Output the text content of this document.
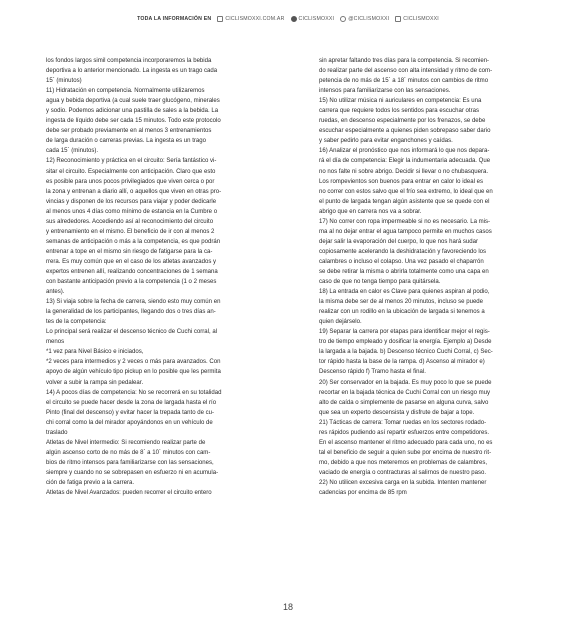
TODA LA INFORMACIÓN EN	CICLISMOXXI.COM.AR	CICLISMOXXI	@CICLISMOXXI	CICLISMOXXI

los fondos largos simil competencia incorporaremos la bebida

deportiva a lo anterior mencionado. La ingesta es un trago cada

15´ (minutos)

11) Hidratación en competencia. Normalmente utilizaremos

agua y bebida deportiva (a cual suele traer glucógeno, minerales

y sodio. Podemos adicionar una pastilla de sales a la bebida. La

ingesta de líquido debe ser cada 15 minutos. Todo este protocolo

debe ser probado previamente en al menos 3 entrenamientos

de larga duración o carreras previas. La ingesta es un trago

cada 15´ (minutos).

12) Reconocimiento y práctica en el circuito: Sería fantástico vi-

sitar el circuito. Especialmente con anticipación. Claro que esto

es posible para unos pocos privilegiados que viven cerca o por

la zona y entrenan a diario allí, o aquellos que viven en otras pro-

vincias y disponen de los recursos para viajar y poder dedicarle

al menos unos 4 días como mínimo de estancia en la Cumbre o

sus alrededores. Accediendo así al reconocimiento del circuito

y entrenamiento en el mismo. El beneficio de ir con al menos 2

semanas de anticipación o más a la competencia, es que podrán

entrenar a tope en el mismo sin riesgo de fatigarse para la ca-

rrera. Es muy común que en el caso de los atletas avanzados y

expertos entrenen allí, realizando concentraciones de 1 semana

con bastante anticipación previo a la competencia (1 o 2 meses

antes).

13) Si viaja sobre la fecha de carrera, siendo esto muy común en

la generalidad de los participantes, llegando dos o tres días an-

tes de la competencia:

Lo principal será realizar el descenso técnico de Cuchi corral, al

menos

*1 vez para Nivel Básico e iniciados,

*2 veces para intermedios y 2 veces o más para avanzados. Con

apoyo de algún vehículo tipo pickup en lo posible que les permita

volver a subir la rampa sin pedalear.

14) A pocos días de competencia: No se recorrerá en su totalidad

el circuito se puede hacer desde la zona de largada hasta el río

Pinto (final del descenso) y evitar hacer la trepada tanto de cu-

chi corral como la del mirador apoyándonos en un vehículo de

traslado

Atletas de Nivel intermedio: Si recomiendo realizar parte de

algún ascenso corto de no más de 8´ a 10´ minutos con cam-

bios de ritmo intensos para familiarizarse con las sensaciones,

siempre y cuando no se sobrepasen en esfuerzo ni en acumula-

ción de fatiga previo a la carrera.

Atletas de Nivel Avanzados: pueden recorrer el circuito entero

sin apretar faltando tres días para la competencia. Si recomien-

do realizar parte del ascenso con alta intensidad y ritmo de com-

petencia de no más de 15´ a 18´ minutos con cambios de ritmo

intensos para familiarizarse con las sensaciones.

15) No utilizar música ni auriculares en competencia: Es una

carrera que requiere todos los sentidos para escuchar otras

ruedas, en descenso especialmente por los frenazos, se debe

escuchar especialmente a quienes piden sobrepaso saber dario

y saber pedirlo para evitar enganchones y caídas.

16) Analizar el pronóstico que nos informará lo que nos depara-

rá el día de competencia: Elegir la indumentaria adecuada. Que

no nos falte ni sobre abrigo. Decidir si llevar o no chubasquera.

Los rompevientos son buenos para entrar en calor lo ideal es

no correr con estos salvo que el frío sea extremo, lo ideal que en

el punto de largada tengan algún asistente que se quede con el

abrigo que en carrera nos va a sobrar.

17) No correr con ropa impermeable si no es necesario. La mis-

ma al no dejar entrar el agua tampoco permite en muchos casos

dejar salir la evaporación del cuerpo, lo que nos hará sudar

copiosamente acelerando la deshidratación y favoreciendo los

calambres o incluso el colapso. Una vez pasado el chaparrón

se debe retirar la misma o abrirla totalmente como una capa en

caso de que no tenga tiempo para quitársela.

18) La entrada en calor es Clave para quienes aspiran al podio,

la misma debe ser de al menos 20 minutos, incluso se puede

realizar con un rodillo en la ubicación de largada si tenemos a

quien dejárselo.

19) Separar la carrera por etapas para identificar mejor el regis-

tro de tiempo empleado y dosificar la energía. Ejemplo a) Desde

la largada a la bajada. b) Descenso técnico Cuchi Corral, c) Sec-

tor rápido hasta la base de la rampa. d) Ascenso al mirador e)

Descenso rápido f) Tramo hasta el final.

20) Ser conservador en la bajada. Es muy poco lo que se puede

recortar en la bajada técnica de Cuchi Corral con un riesgo muy

alto de caída o simplemente de pasarse en alguna curva, salvo

que sea un experto descensista y disfrute de bajar a tope.

21) Tácticas de carrera: Tomar ruedas en los sectores rodado-

res rápidos pudiendo así repartir esfuerzos entre competidores.

En el ascenso mantener el ritmo adecuado para cada uno, no es

tal el beneficio de seguir a quien sube por encima de nuestro rit-

mo, debido a que nos meteremos en problemas de calambres,

vaciado de energía o contracturas al salirnos de nuestro paso.

22) No utilicen excesiva carga en la subida. Intenten mantener

cadencias por encima de 85 rpm

18
